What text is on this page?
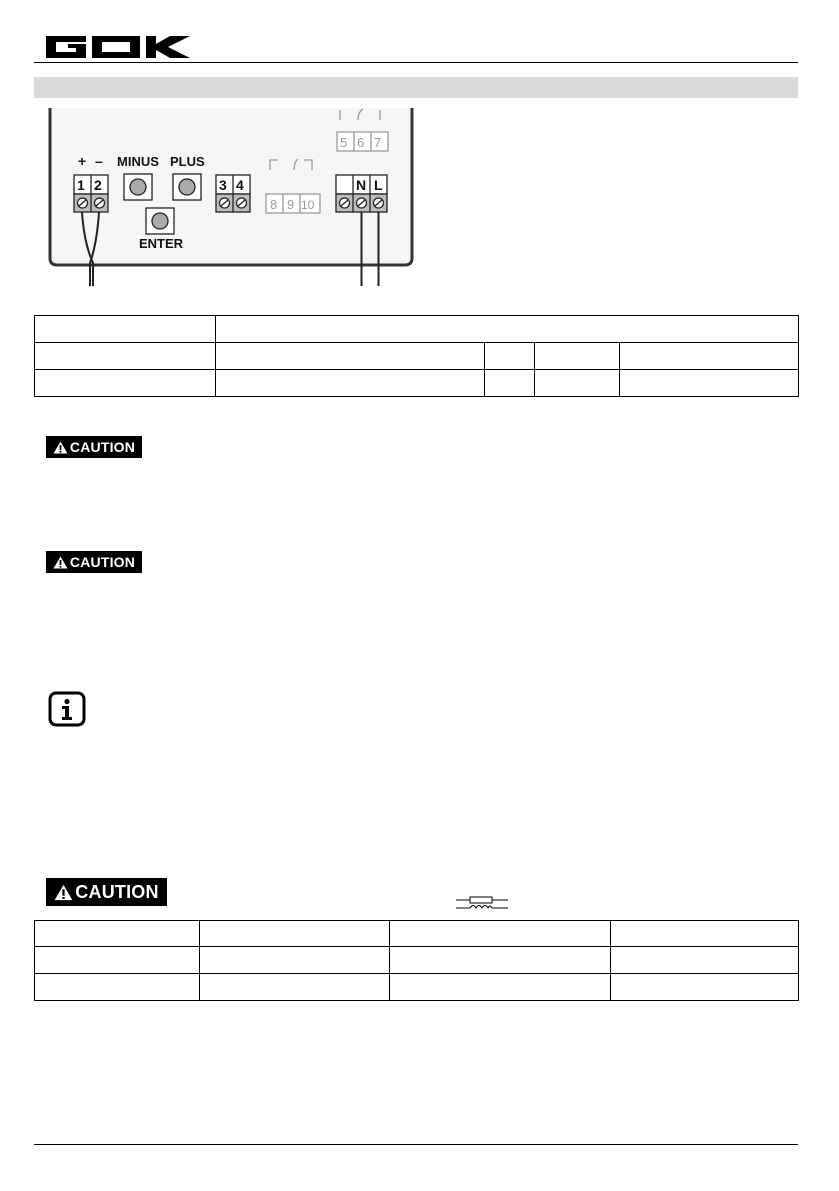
GOK
5 6 7
+ –
1 2
MINUS PLUS
ENTER
3 4
8 9 10
N L

CAUTION
CAUTION
CAUTION
